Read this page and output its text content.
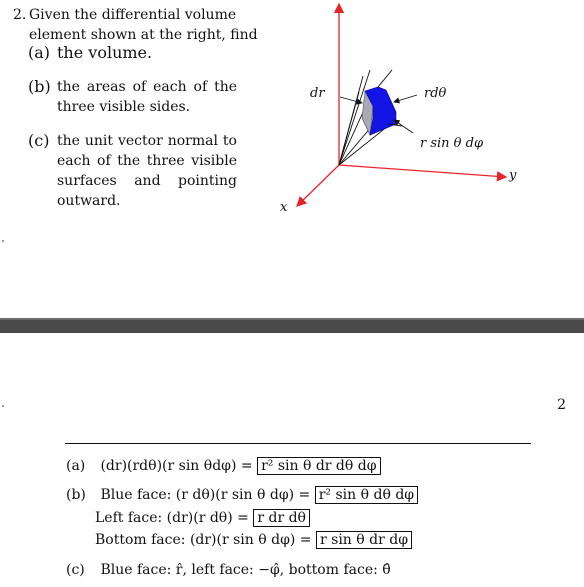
2. Given the differential volume element shown at the right, find
(a) the volume.
(b) the areas of each of the three visible sides.
(c) the unit vector normal to each of the three visible surfaces and pointing outward.
dr	rdθ
r sin θ dφ
y
x
2
(a) (dr)(rdθ)(r sin θdφ) = r² sin θ dr dθ dφ
(b) Blue face: (r dθ)(r sin θ dφ) = r² sin θ dθ dφ
Left face: (dr)(r dθ) = r dr dθ
Bottom face: (dr)(r sin θ dφ) = r sin θ dr dφ
(c) Blue face: r̂, left face: −φ̂, bottom face: θ̂
